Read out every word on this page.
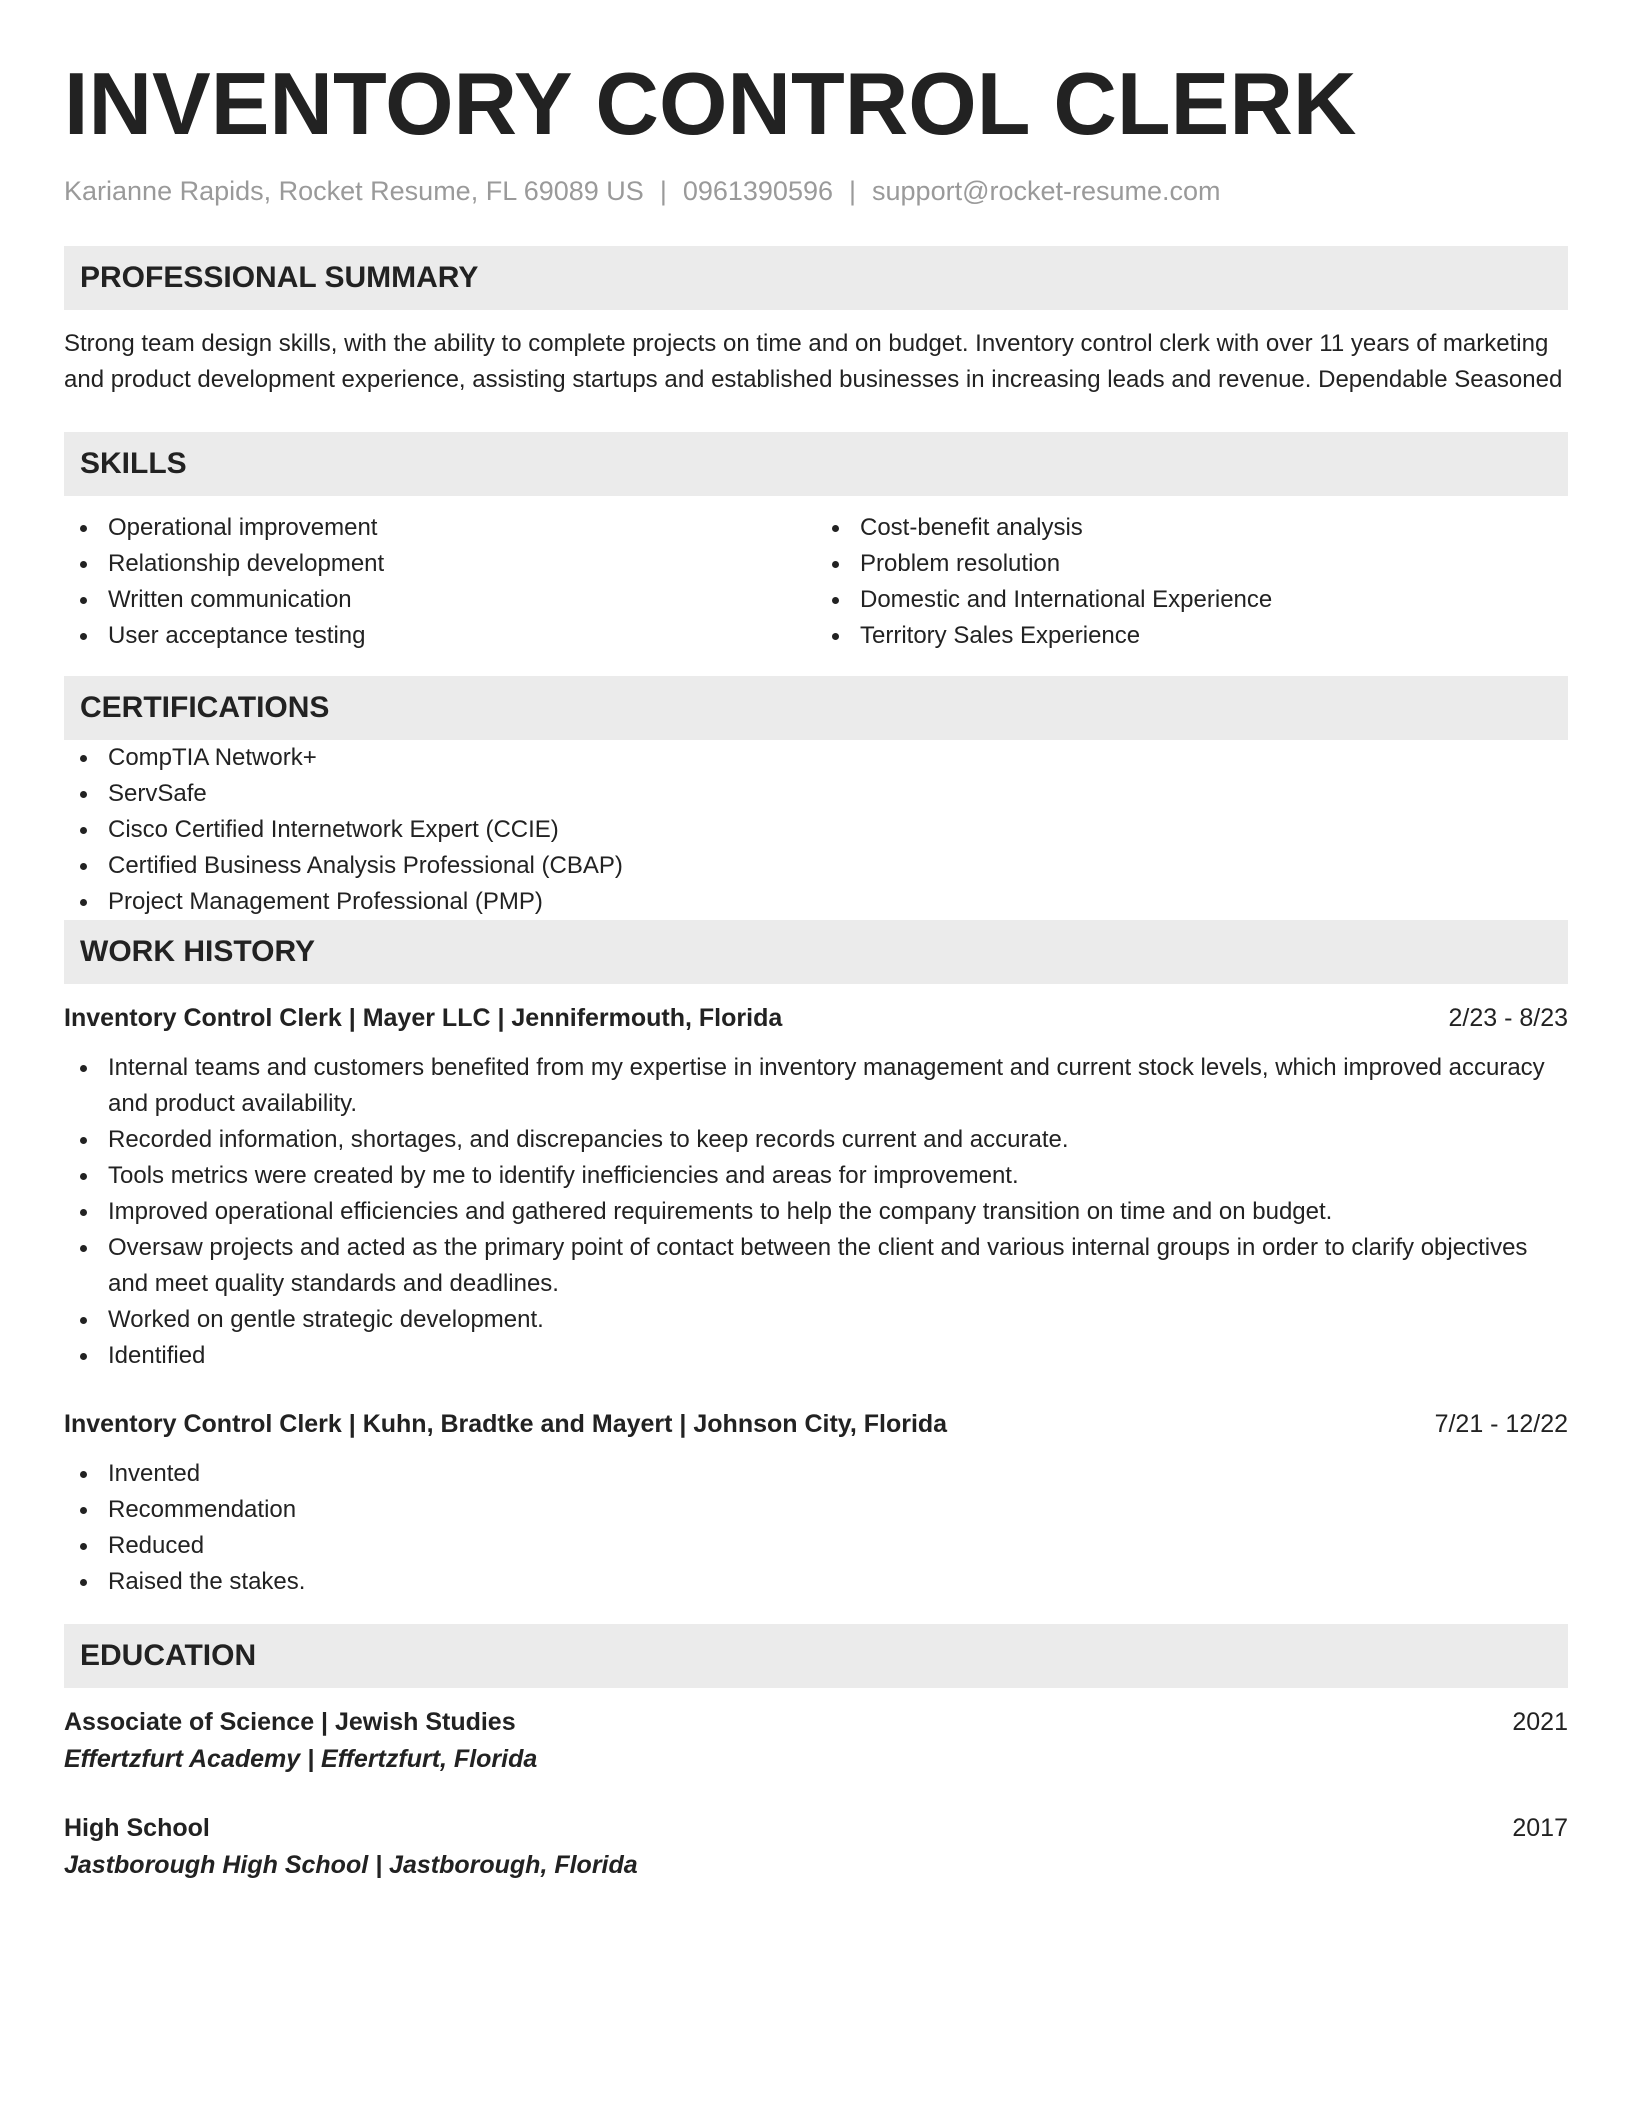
INVENTORY CONTROL CLERK
Karianne Rapids, Rocket Resume, FL 69089 US | 0961390596 | support@rocket-resume.com
PROFESSIONAL SUMMARY
Strong team design skills, with the ability to complete projects on time and on budget. Inventory control clerk with over 11 years of marketing and product development experience, assisting startups and established businesses in increasing leads and revenue. Dependable Seasoned
SKILLS
Operational improvement
Relationship development
Written communication
User acceptance testing
Cost-benefit analysis
Problem resolution
Domestic and International Experience
Territory Sales Experience
CERTIFICATIONS
CompTIA Network+
ServSafe
Cisco Certified Internetwork Expert (CCIE)
Certified Business Analysis Professional (CBAP)
Project Management Professional (PMP)
WORK HISTORY
Inventory Control Clerk | Mayer LLC | Jennifermouth, Florida	2/23 - 8/23
Internal teams and customers benefited from my expertise in inventory management and current stock levels, which improved accuracy and product availability.
Recorded information, shortages, and discrepancies to keep records current and accurate.
Tools metrics were created by me to identify inefficiencies and areas for improvement.
Improved operational efficiencies and gathered requirements to help the company transition on time and on budget.
Oversaw projects and acted as the primary point of contact between the client and various internal groups in order to clarify objectives and meet quality standards and deadlines.
Worked on gentle strategic development.
Identified
Inventory Control Clerk | Kuhn, Bradtke and Mayert | Johnson City, Florida	7/21 - 12/22
Invented
Recommendation
Reduced
Raised the stakes.
EDUCATION
Associate of Science | Jewish Studies	2021
Effertzfurt Academy | Effertzfurt, Florida
High School	2017
Jastborough High School | Jastborough, Florida
